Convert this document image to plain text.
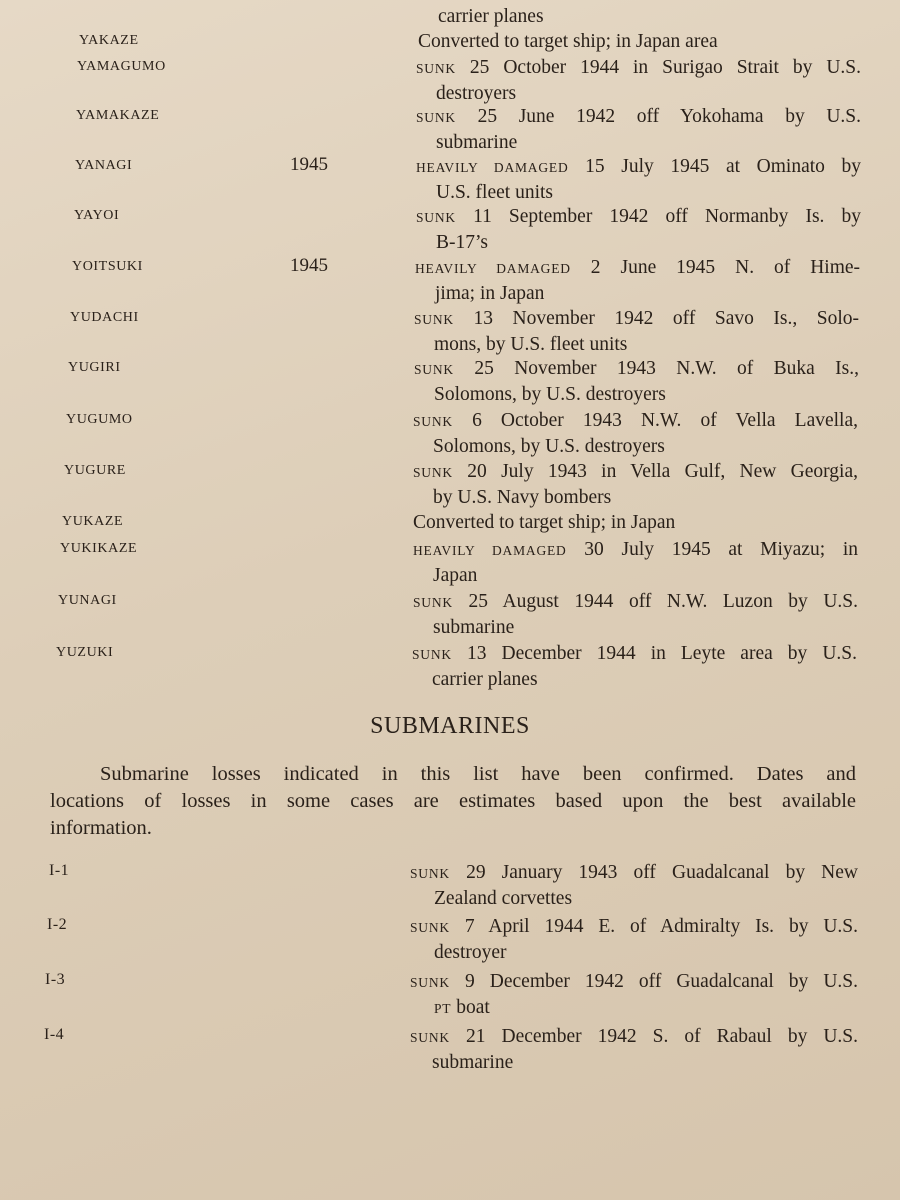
carrier planes
YAKAZE	Converted to target ship; in Japan area
YAMAGUMO	SUNK 25 October 1944 in Surigao Strait by U.S.
destroyers
YAMAKAZE	SUNK 25 June 1942 off Yokohama by U.S.
submarine
YANAGI	1945	HEAVILY DAMAGED 15 July 1945 at Ominato by
U.S. fleet units
YAYOI	SUNK 11 September 1942 off Normanby Is. by
B-17’s
YOITSUKI	1945	HEAVILY DAMAGED 2 June 1945 N. of Hime-
jima; in Japan
YUDACHI	SUNK 13 November 1942 off Savo Is., Solo-
mons, by U.S. fleet units
YUGIRI	SUNK 25 November 1943 N.W. of Buka Is.,
Solomons, by U.S. destroyers
YUGUMO	SUNK 6 October 1943 N.W. of Vella Lavella,
Solomons, by U.S. destroyers
YUGURE	SUNK 20 July 1943 in Vella Gulf, New Georgia,
by U.S. Navy bombers
YUKAZE	Converted to target ship; in Japan
YUKIKAZE	HEAVILY DAMAGED 30 July 1945 at Miyazu; in
Japan
YUNAGI	SUNK 25 August 1944 off N.W. Luzon by U.S.
submarine
YUZUKI	SUNK 13 December 1944 in Leyte area by U.S.
carrier planes
SUBMARINES
Submarine losses indicated in this list have been confirmed. Dates and
locations of losses in some cases are estimates based upon the best available
information.
I-1	SUNK 29 January 1943 off Guadalcanal by New
Zealand corvettes
I-2	SUNK 7 April 1944 E. of Admiralty Is. by U.S.
destroyer
I-3	SUNK 9 December 1942 off Guadalcanal by U.S.
PT boat
I-4	SUNK 21 December 1942 S. of Rabaul by U.S.
submarine
